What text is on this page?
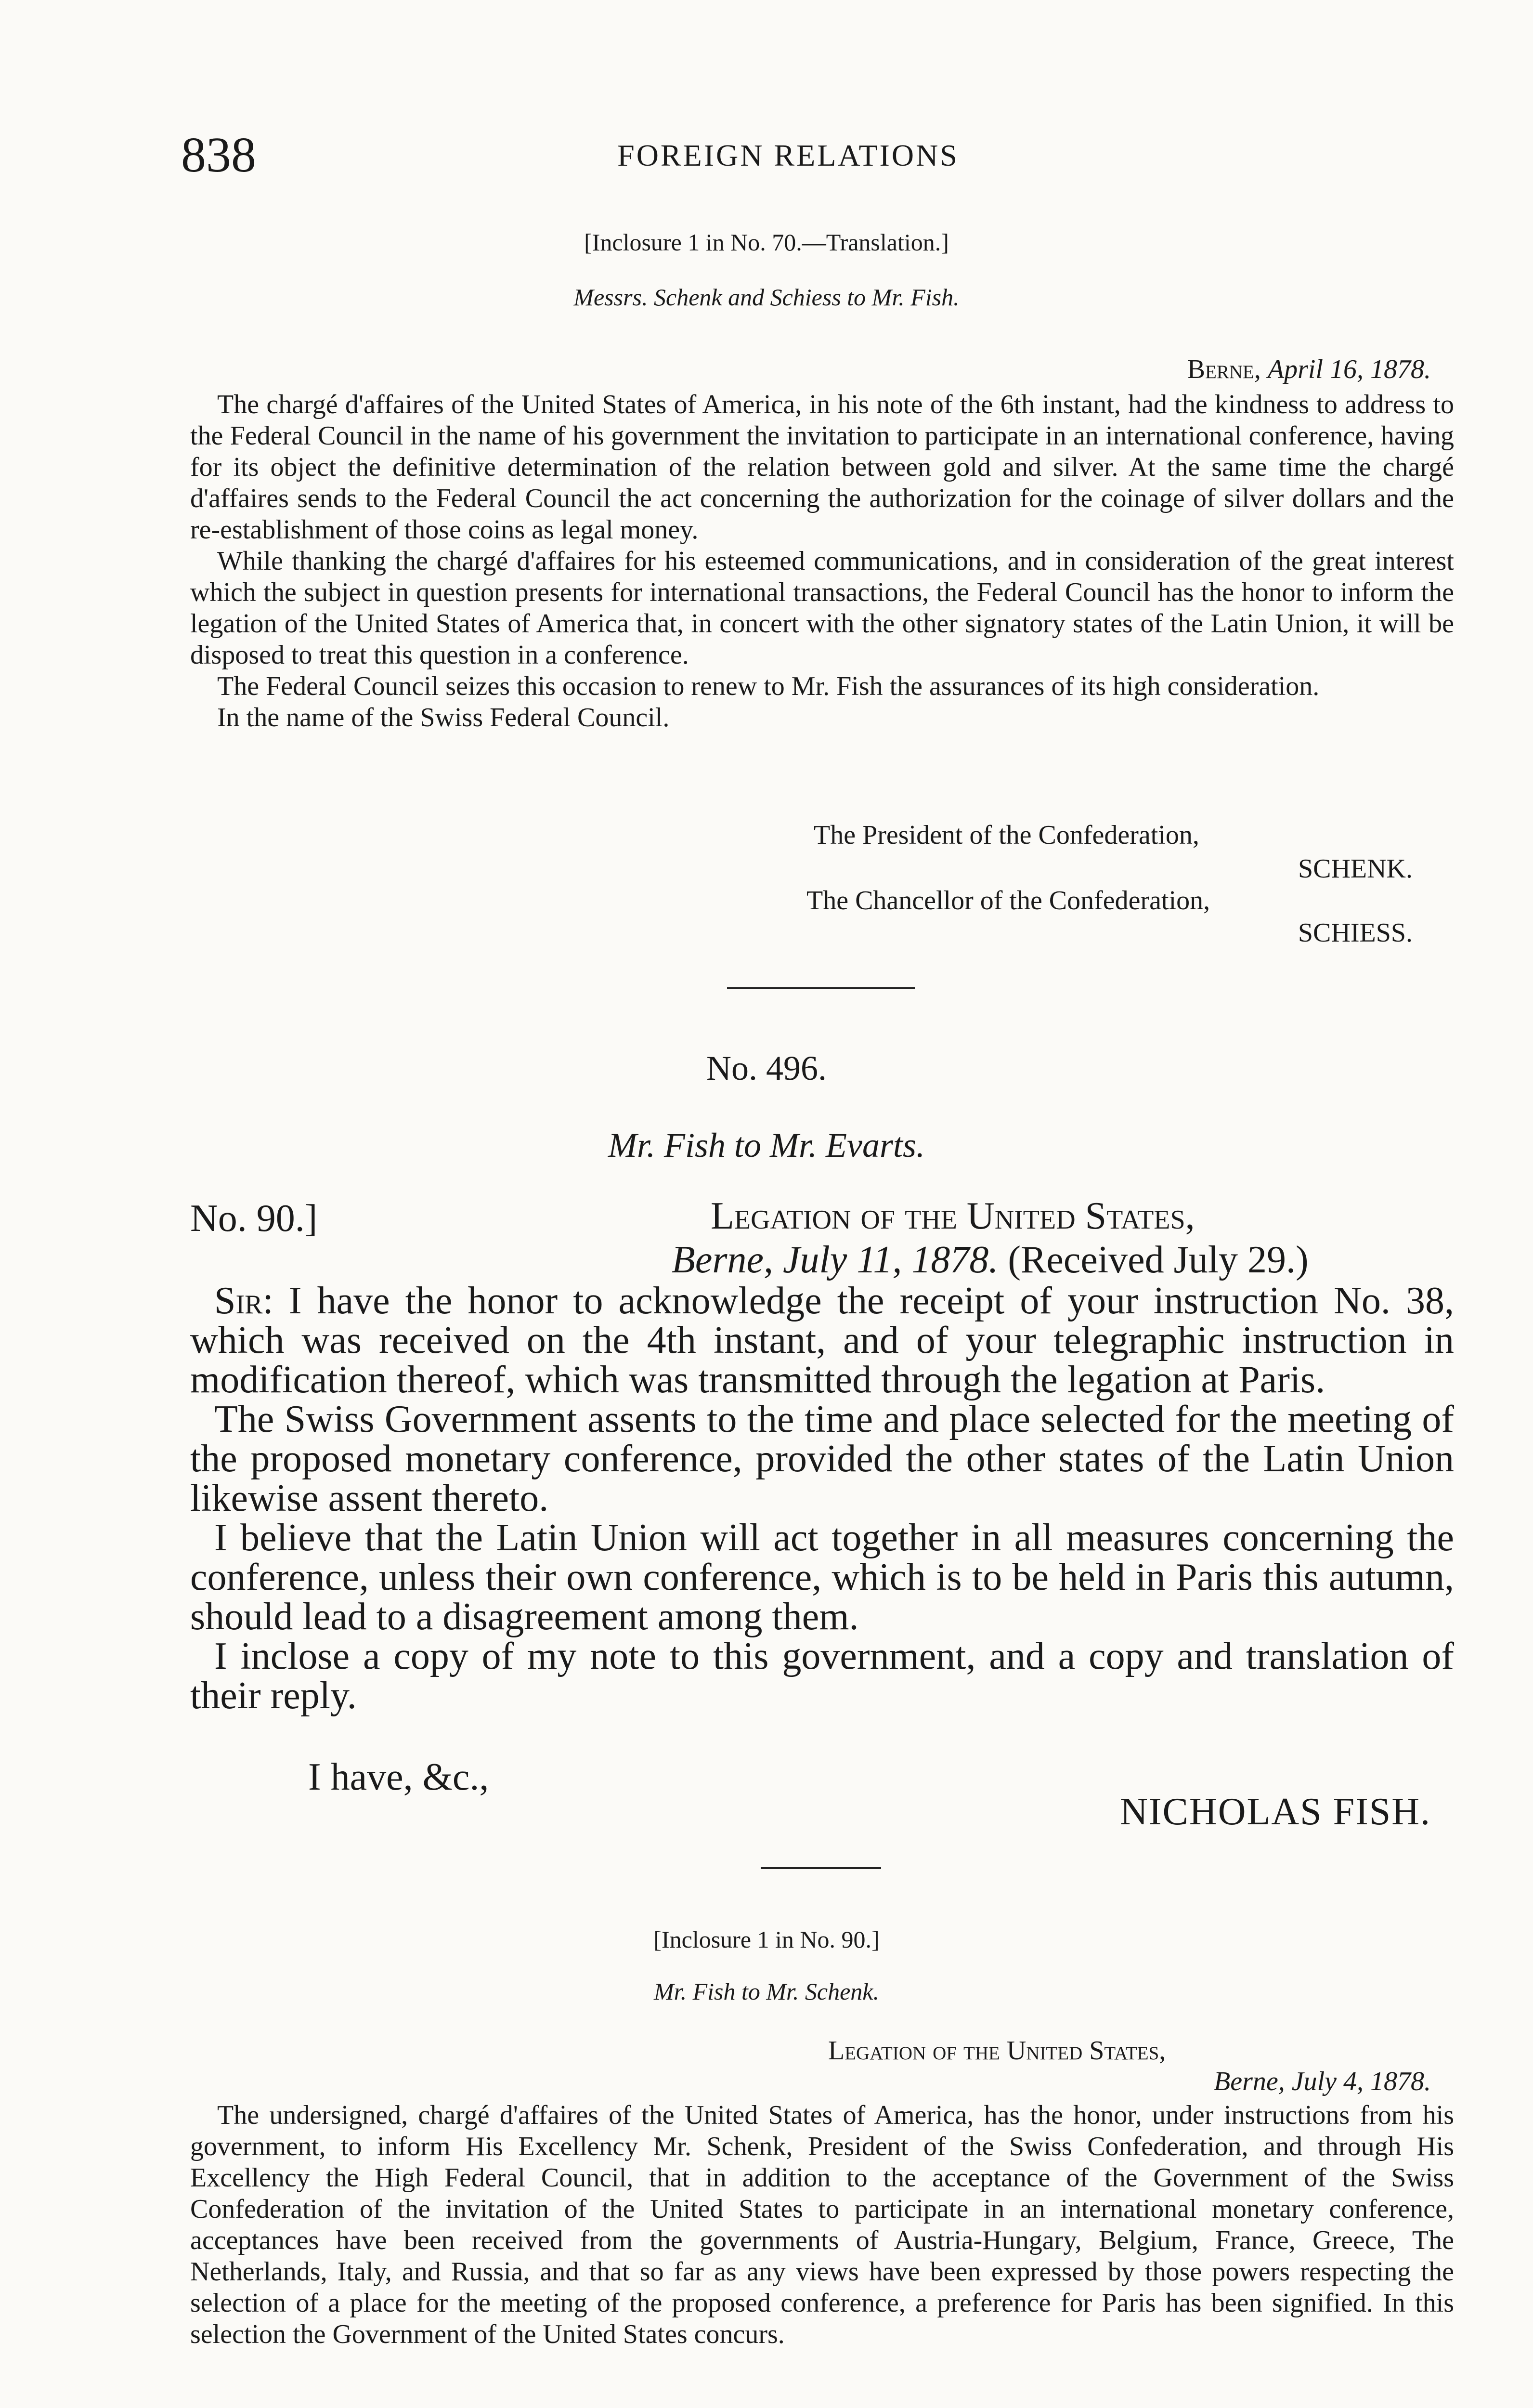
838	FOREIGN RELATIONS
[Inclosure 1 in No. 70.—Translation.]
Messrs. Schenk and Schiess to Mr. Fish.
Berne, April 16, 1878.

The chargé d'affaires of the United States of America, in his note of the 6th instant, had the kindness to address to the Federal Council in the name of his government the invitation to participate in an international conference, having for its object the definitive determination of the relation between gold and silver. At the same time the chargé d'affaires sends to the Federal Council the act concerning the authorization for the coinage of silver dollars and the re-establishment of those coins as legal money.

While thanking the chargé d'affaires for his esteemed communications, and in consideration of the great interest which the subject in question presents for international transactions, the Federal Council has the honor to inform the legation of the United States of America that, in concert with the other signatory states of the Latin Union, it will be disposed to treat this question in a conference.

The Federal Council seizes this occasion to renew to Mr. Fish the assurances of its high consideration.

In the name of the Swiss Federal Council.

The President of the Confederation,
SCHENK.
The Chancellor of the Confederation,
SCHIESS.
No. 496.
Mr. Fish to Mr. Evarts.
No. 90.]	Legation of the United States,
Berne, July 11, 1878. (Received July 29.)

Sir: I have the honor to acknowledge the receipt of your instruction No. 38, which was received on the 4th instant, and of your telegraphic instruction in modification thereof, which was transmitted through the legation at Paris.

The Swiss Government assents to the time and place selected for the meeting of the proposed monetary conference, provided the other states of the Latin Union likewise assent thereto.

I believe that the Latin Union will act together in all measures concerning the conference, unless their own conference, which is to be held in Paris this autumn, should lead to a disagreement among them.

I inclose a copy of my note to this government, and a copy and translation of their reply.

I have, &c.,
NICHOLAS FISH.
[Inclosure 1 in No. 90.]
Mr. Fish to Mr. Schenk.
Legation of the United States,
Berne, July 4, 1878.

The undersigned, chargé d'affaires of the United States of America, has the honor, under instructions from his government, to inform His Excellency Mr. Schenk, President of the Swiss Confederation, and through His Excellency the High Federal Council, that in addition to the acceptance of the Government of the Swiss Confederation of the invitation of the United States to participate in an international monetary conference, acceptances have been received from the governments of Austria-Hungary, Belgium, France, Greece, The Netherlands, Italy, and Russia, and that so far as any views have been expressed by those powers respecting the selection of a place for the meeting of the proposed conference, a preference for Paris has been signified. In this selection the Government of the United States concurs.
